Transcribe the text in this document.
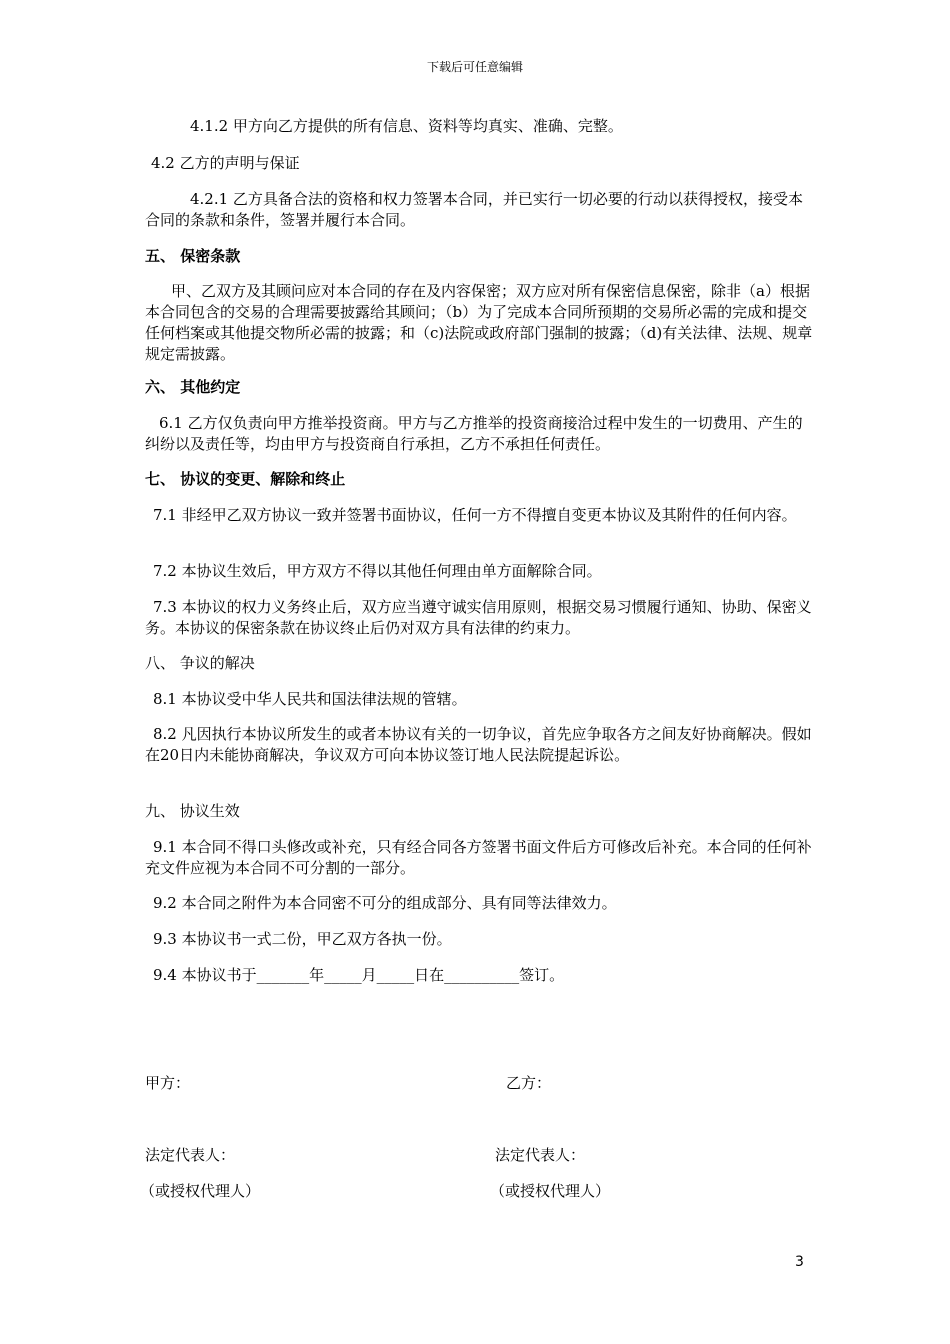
下载后可任意编辑
4.1.2 甲方向乙方提供的所有信息、资料等均真实、准确、完整。
4.2 乙方的声明与保证
4.2.1 乙方具备合法的资格和权力签署本合同，并已实行一切必要的行动以获得授权，接受本合同的条款和条件，签署并履行本合同。
五、 保密条款
甲、乙双方及其顾问应对本合同的存在及内容保密；双方应对所有保密信息保密，除非（a）根据本合同包含的交易的合理需要披露给其顾问；（b）为了完成本合同所预期的交易所必需的完成和提交任何档案或其他提交物所必需的披露；和（c)法院或政府部门强制的披露；（d)有关法律、法规、规章规定需披露。
六、 其他约定
6.1 乙方仅负责向甲方推举投资商。甲方与乙方推举的投资商接洽过程中发生的一切费用、产生的纠纷以及责任等，均由甲方与投资商自行承担，乙方不承担任何责任。
七、 协议的变更、解除和终止
7.1 非经甲乙双方协议一致并签署书面协议，任何一方不得擅自变更本协议及其附件的任何内容。
7.2 本协议生效后，甲方双方不得以其他任何理由单方面解除合同。
7.3 本协议的权力义务终止后，双方应当遵守诚实信用原则，根据交易习惯履行通知、协助、保密义务。本协议的保密条款在协议终止后仍对双方具有法律的约束力。
八、 争议的解决
8.1 本协议受中华人民共和国法律法规的管辖。
8.2 凡因执行本协议所发生的或者本协议有关的一切争议，首先应争取各方之间友好协商解决。假如在20日内未能协商解决，争议双方可向本协议签订地人民法院提起诉讼。
九、 协议生效
9.1 本合同不得口头修改或补充，只有经合同各方签署书面文件后方可修改后补充。本合同的任何补充文件应视为本合同不可分割的一部分。
9.2 本合同之附件为本合同密不可分的组成部分、具有同等法律效力。
9.3 本协议书一式二份，甲乙双方各执一份。
9.4 本协议书于_______年_____月_____日在__________签订。
甲方：	乙方：
法定代表人：	法定代表人：
（或授权代理人）	（或授权代理人）
3
